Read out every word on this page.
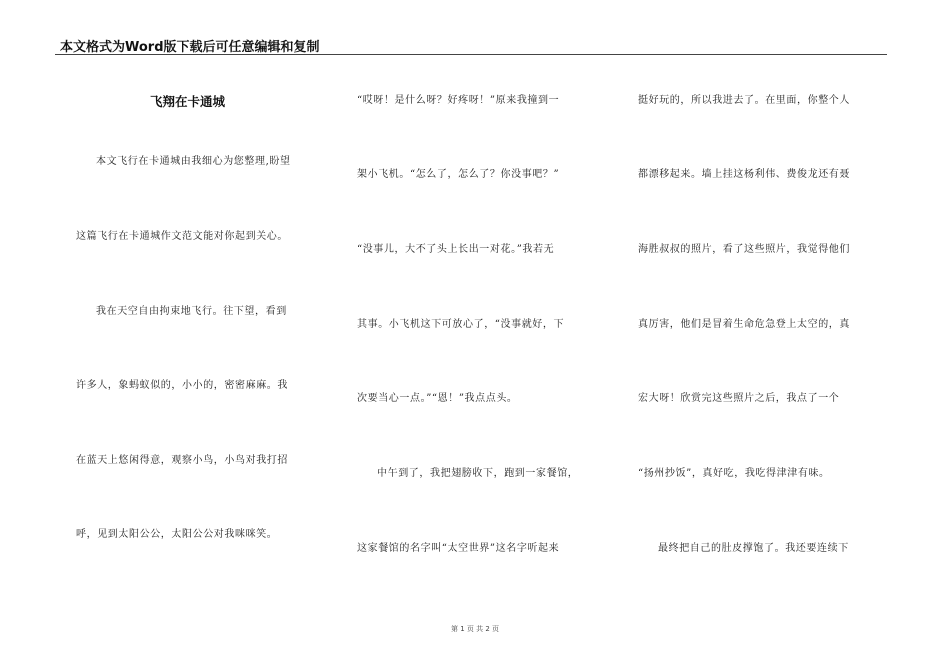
本文格式为Word版下载后可任意编辑和复制
飞翔在卡通城
本文飞行在卡通城由我细心为您整理,盼望
这篇飞行在卡通城作文范文能对你起到关心。
我在天空自由拘束地飞行。往下望，看到
许多人，象蚂蚁似的，小小的，密密麻麻。我
在蓝天上悠闲得意，观察小鸟，小鸟对我打招
呼，见到太阳公公，太阳公公对我咪咪笑。
“哎呀！是什么呀？好疼呀！”原来我撞到一
架小飞机。“怎么了，怎么了？你没事吧？”
“没事儿，大不了头上长出一对花。”我若无
其事。小飞机这下可放心了，“没事就好，下
次要当心一点。”“恩！”我点点头。
中午到了，我把翅膀收下，跑到一家餐馆，
这家餐馆的名字叫“太空世界”这名字听起来
挺好玩的，所以我进去了。在里面，你整个人
都漂移起来。墙上挂这杨利伟、费俊龙还有聂
海胜叔叔的照片，看了这些照片，我觉得他们
真厉害，他们是冒着生命危急登上太空的，真
宏大呀！欣赏完这些照片之后，我点了一个
“扬州抄饭”，真好吃，我吃得津津有味。
最终把自己的肚皮撑饱了。我还要连续下
第 1 页 共 2 页
